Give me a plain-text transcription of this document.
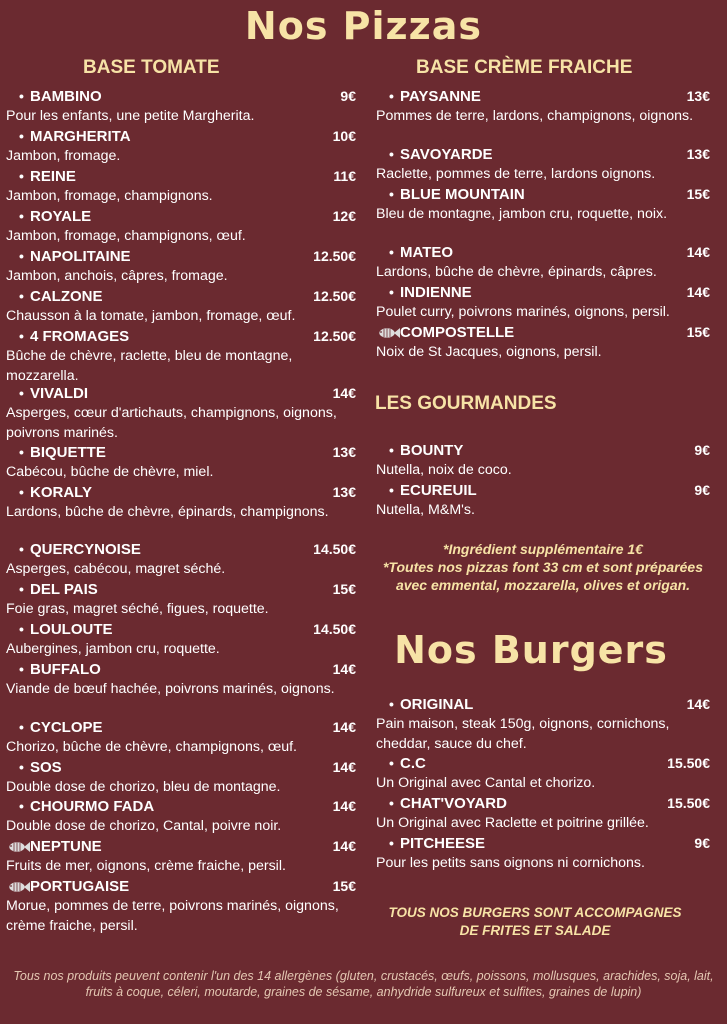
Nos Pizzas
BASE TOMATE	BASE CRÈME FRAICHE
• BAMBINO	9€
Pour les enfants, une petite Margherita.
• MARGHERITA	10€
Jambon, fromage.
• REINE	11€
Jambon, fromage, champignons.
• ROYALE	12€
Jambon, fromage, champignons, œuf.
• NAPOLITAINE	12.50€
Jambon, anchois, câpres, fromage.
• CALZONE	12.50€
Chausson à la tomate, jambon, fromage, œuf.
• 4 FROMAGES	12.50€
Bûche de chèvre, raclette, bleu de montagne, mozzarella.
• VIVALDI	14€
Asperges, cœur d'artichauts, champignons, oignons, poivrons marinés.
• BIQUETTE	13€
Cabécou, bûche de chèvre, miel.
• KORALY	13€
Lardons, bûche de chèvre, épinards, champignons.
• QUERCYNOISE	14.50€
Asperges, cabécou, magret séché.
• DEL PAIS	15€
Foie gras, magret séché, figues, roquette.
• LOULOUTE	14.50€
Aubergines, jambon cru, roquette.
• BUFFALO	14€
Viande de bœuf hachée, poivrons marinés, oignons.
• CYCLOPE	14€
Chorizo, bûche de chèvre, champignons, œuf.
• SOS	14€
Double dose de chorizo, bleu de montagne.
• CHOURMO FADA	14€
Double dose de chorizo, Cantal, poivre noir.
NEPTUNE	14€
Fruits de mer, oignons, crème fraiche, persil.
PORTUGAISE	15€
Morue, pommes de terre, poivrons marinés, oignons, crème fraiche, persil.
• PAYSANNE	13€
Pommes de terre, lardons, champignons, oignons.
• SAVOYARDE	13€
Raclette, pommes de terre, lardons oignons.
• BLUE MOUNTAIN	15€
Bleu de montagne, jambon cru, roquette, noix.
• MATEO	14€
Lardons, bûche de chèvre, épinards, câpres.
• INDIENNE	14€
Poulet curry, poivrons marinés, oignons, persil.
COMPOSTELLE	15€
Noix de St Jacques, oignons, persil.
LES GOURMANDES
*Ingrédient supplémentaire 1€
*Toutes nos pizzas font 33 cm et sont préparées avec emmental, mozzarella, olives et origan.
Nos Burgers
• ORIGINAL	14€
Pain maison, steak 150g, oignons, cornichons, cheddar, sauce du chef.
• C.C	15.50€
Un Original avec Cantal et chorizo.
• CHAT'VOYARD	15.50€
Un Original avec Raclette et poitrine grillée.
• PITCHEESE	9€
Pour les petits sans oignons ni cornichons.
TOUS NOS BURGERS SONT ACCOMPAGNES DE FRITES ET SALADE
Tous nos produits peuvent contenir l'un des 14 allergènes (gluten, crustacés, œufs, poissons, mollusques, arachides, soja, lait, fruits à coque, céleri, moutarde, graines de sésame, anhydride sulfureux et sulfites, graines de lupin)
• BOUNTY	9€
Nutella, noix de coco.
• ECUREUIL	9€
Nutella, M&M's.
